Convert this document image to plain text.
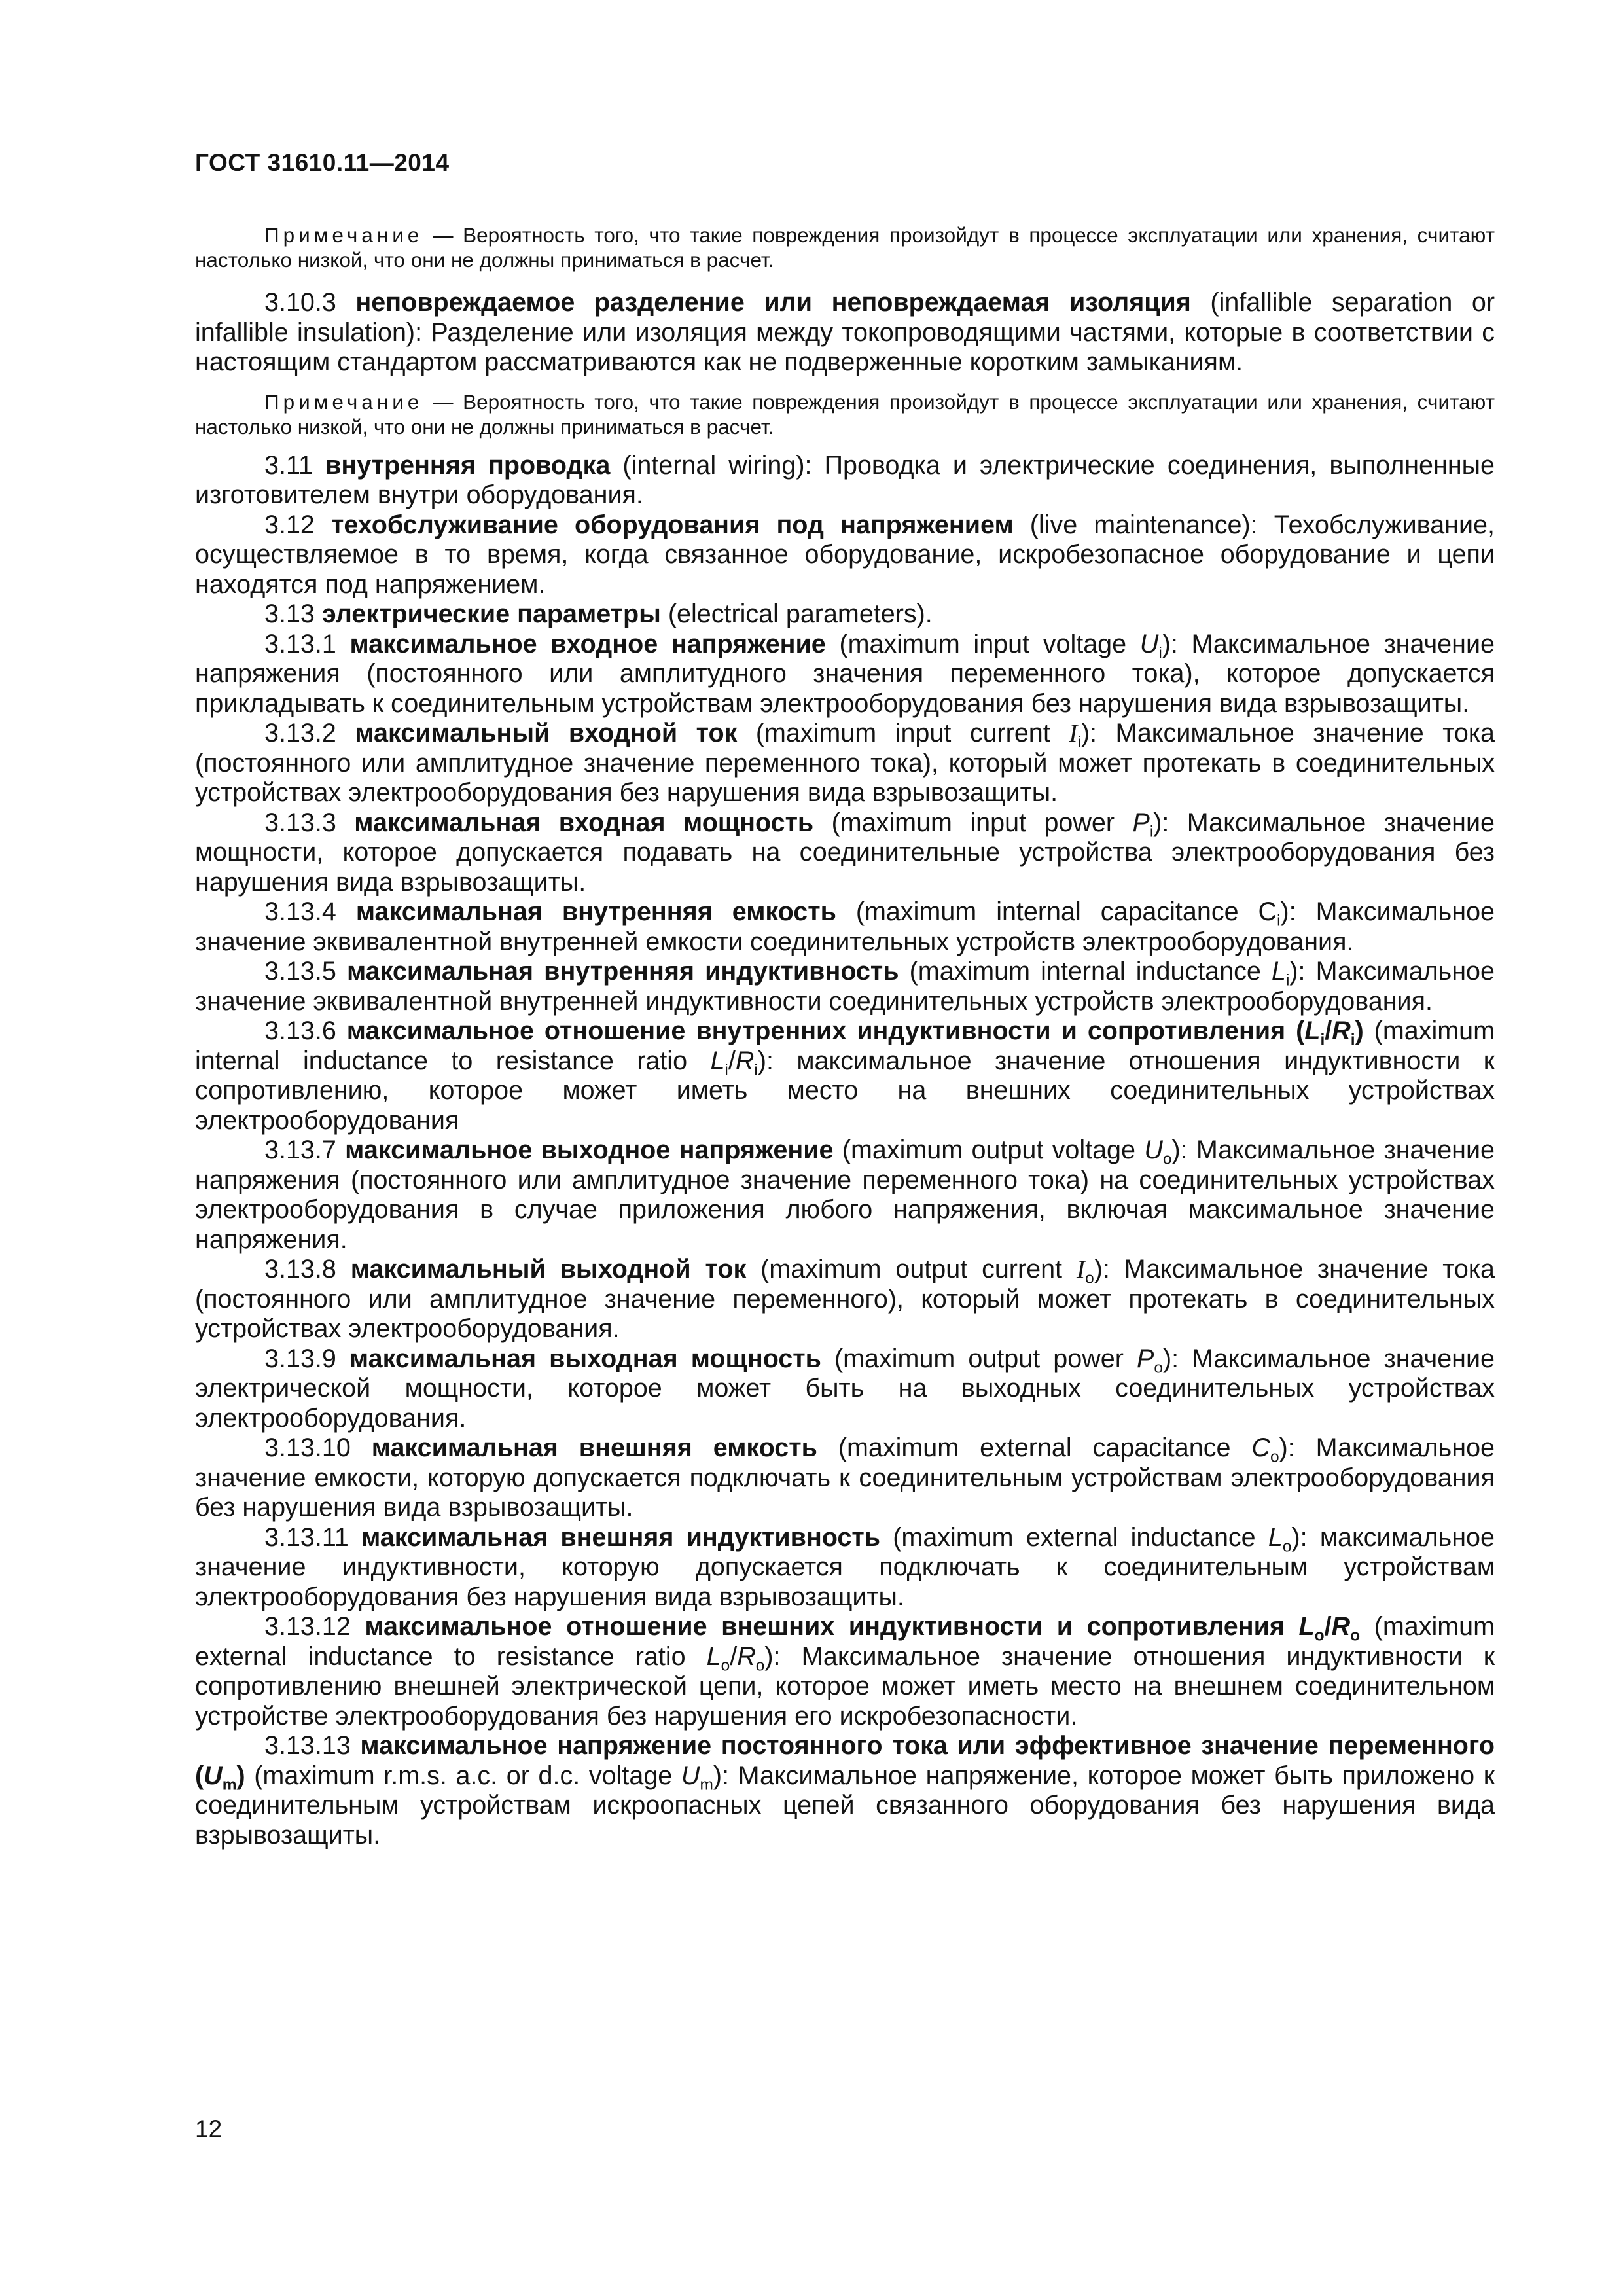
ГОСТ 31610.11—2014

Примечание — Вероятность того, что такие повреждения произойдут в процессе эксплуатации или хранения, считают настолько низкой, что они не должны приниматься в расчет.

3.10.3 неповреждаемое разделение или неповреждаемая изоляция (infallible separation or infallible insulation): Разделение или изоляция между токопроводящими частями, которые в соответствии с настоящим стандартом рассматриваются как не подверженные коротким замыканиям.

Примечание — Вероятность того, что такие повреждения произойдут в процессе эксплуатации или хранения, считают настолько низкой, что они не должны приниматься в расчет.

3.11 внутренняя проводка (internal wiring): Проводка и электрические соединения, выполненные изготовителем внутри оборудования.

3.12 техобслуживание оборудования под напряжением (live maintenance): Техобслуживание, осуществляемое в то время, когда связанное оборудование, искробезопасное оборудование и цепи находятся под напряжением.

3.13 электрические параметры (electrical parameters).

3.13.1 максимальное входное напряжение (maximum input voltage $U_i$): Максимальное значение напряжения (постоянного или амплитудного значения переменного тока), которое допускается прикладывать к соединительным устройствам электрооборудования без нарушения вида взрывозащиты.

3.13.2 максимальный входной ток (maximum input current $I_i$): Максимальное значение тока (постоянного или амплитудное значение переменного тока), который может протекать в соединительных устройствах электрооборудования без нарушения вида взрывозащиты.

3.13.3 максимальная входная мощность (maximum input power $P_i$): Максимальное значение мощности, которое допускается подавать на соединительные устройства электрооборудования без нарушения вида взрывозащиты.

3.13.4 максимальная внутренняя емкость (maximum internal capacitance $C_i$): Максимальное значение эквивалентной внутренней емкости соединительных устройств электрооборудования.

3.13.5 максимальная внутренняя индуктивность (maximum internal inductance $L_i$): Максимальное значение эквивалентной внутренней индуктивности соединительных устройств электрооборудования.

3.13.6 максимальное отношение внутренних индуктивности и сопротивления $(L_i/R_i)$ (maximum internal inductance to resistance ratio $L_i/R_i$): максимальное значение отношения индуктивности к сопротивлению, которое может иметь место на внешних соединительных устройствах электрооборудования

3.13.7 максимальное выходное напряжение (maximum output voltage $U_o$): Максимальное значение напряжения (постоянного или амплитудное значение переменного тока) на соединительных устройствах электрооборудования в случае приложения любого напряжения, включая максимальное значение напряжения.

3.13.8 максимальный выходной ток (maximum output current $I_o$): Максимальное значение тока (постоянного или амплитудное значение переменного), который может протекать в соединительных устройствах электрооборудования.

3.13.9 максимальная выходная мощность (maximum output power $P_o$): Максимальное значение электрической мощности, которое может быть на выходных соединительных устройствах электрооборудования.

3.13.10 максимальная внешняя емкость (maximum external capacitance $C_o$): Максимальное значение емкости, которую допускается подключать к соединительным устройствам электрооборудования без нарушения вида взрывозащиты.

3.13.11 максимальная внешняя индуктивность (maximum external inductance $L_o$): максимальное значение индуктивности, которую допускается подключать к соединительным устройствам электрооборудования без нарушения вида взрывозащиты.

3.13.12 максимальное отношение внешних индуктивности и сопротивления $L_o/R_o$ (maximum external inductance to resistance ratio $L_o/R_o$): Максимальное значение отношения индуктивности к сопротивлению внешней электрической цепи, которое может иметь место на внешнем соединительном устройстве электрооборудования без нарушения его искробезопасности.

3.13.13 максимальное напряжение постоянного тока или эффективное значение переменного $(U_m)$ (maximum r.m.s. a.c. or d.c. voltage $U_m$): Максимальное напряжение, которое может быть приложено к соединительным устройствам искроопасных цепей связанного оборудования без нарушения вида взрывозащиты.

12
